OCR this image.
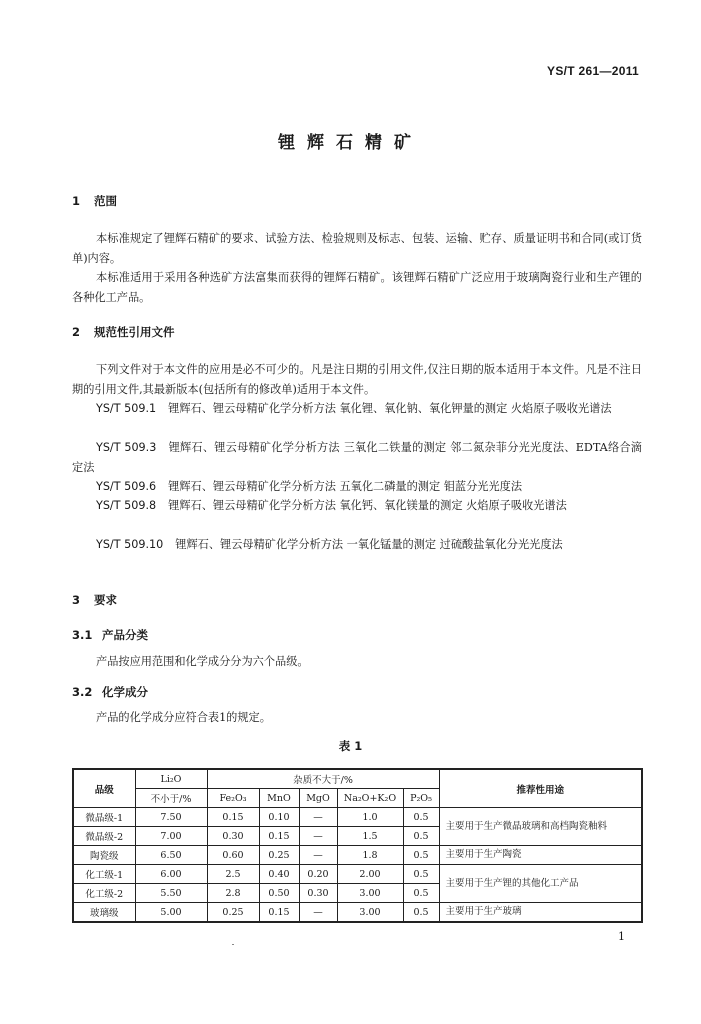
YS/T 261—2011
锂辉石精矿
1 范围
本标准规定了锂辉石精矿的要求、试验方法、检验规则及标志、包装、运输、贮存、质量证明书和合同(或订货单)内容。
本标准适用于采用各种选矿方法富集而获得的锂辉石精矿。该锂辉石精矿广泛应用于玻璃陶瓷行业和生产锂的各种化工产品。
2 规范性引用文件
下列文件对于本文件的应用是必不可少的。凡是注日期的引用文件,仅注日期的版本适用于本文件。凡是不注日期的引用文件,其最新版本(包括所有的修改单)适用于本文件。
YS/T 509.1 锂辉石、锂云母精矿化学分析方法 氧化锂、氧化钠、氧化钾量的测定 火焰原子吸收光谱法
YS/T 509.3 锂辉石、锂云母精矿化学分析方法 三氧化二铁量的测定 邻二氮杂菲分光光度法、EDTA络合滴定法
YS/T 509.6 锂辉石、锂云母精矿化学分析方法 五氧化二磷量的测定 钼蓝分光光度法
YS/T 509.8 锂辉石、锂云母精矿化学分析方法 氧化钙、氧化镁量的测定 火焰原子吸收光谱法
YS/T 509.10 锂辉石、锂云母精矿化学分析方法 一氧化锰量的测定 过硫酸盐氧化分光光度法
3 要求
3.1 产品分类
产品按应用范围和化学成分分为六个品级。
3.2 化学成分
产品的化学成分应符合表1的规定。
表 1
品级	Li₂O	杂质不大于/%					推荐性用途
	不小于/%	Fe₂O₃	MnO	MgO	Na₂O+K₂O	P₂O₅	
微晶级-1	7.50	0.15	0.10	—	1.0	0.5	主要用于生产微晶玻璃和高档陶瓷釉料
微晶级-2	7.00	0.30	0.15	—	1.5	0.5	
陶瓷级	6.50	0.60	0.25	—	1.8	0.5	主要用于生产陶瓷
化工级-1	6.00	2.5	0.40	0.20	2.00	0.5	主要用于生产锂的其他化工产品
化工级-2	5.50	2.8	0.50	0.30	3.00	0.5	
玻璃级	5.00	0.25	0.15	—	3.00	0.5	主要用于生产玻璃
1
